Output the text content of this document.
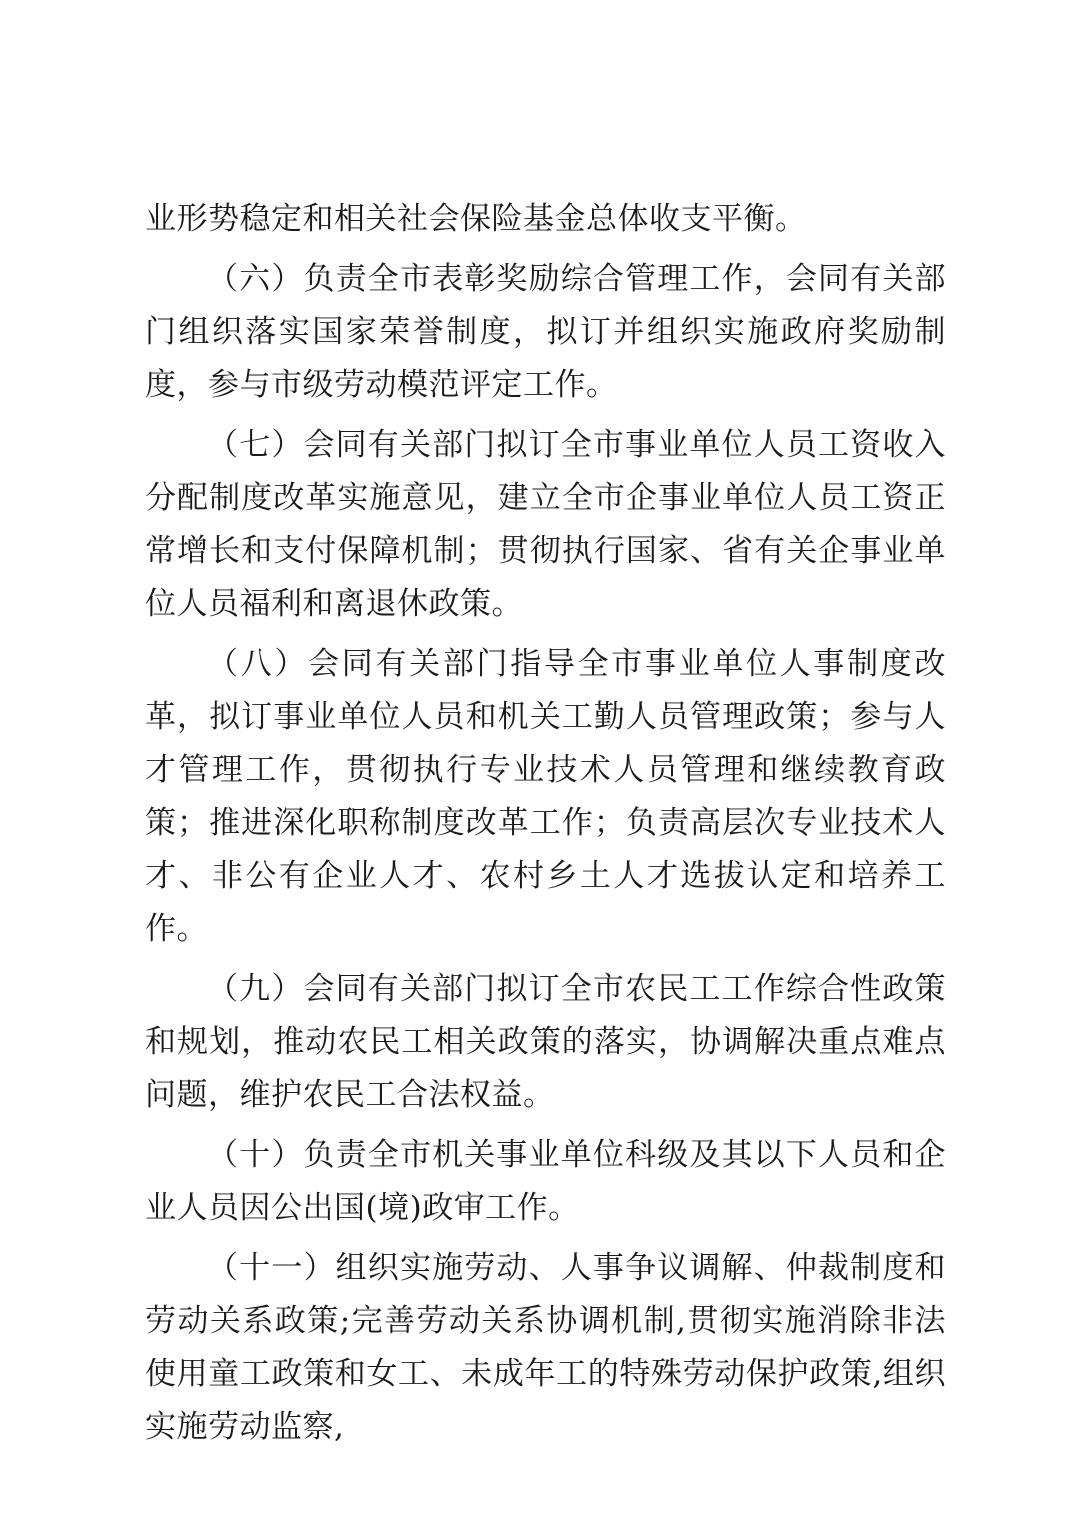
业形势稳定和相关社会保险基金总体收支平衡。

（六）负责全市表彰奖励综合管理工作，会同有关部门组织落实国家荣誉制度，拟订并组织实施政府奖励制度，参与市级劳动模范评定工作。

（七）会同有关部门拟订全市事业单位人员工资收入分配制度改革实施意见，建立全市企事业单位人员工资正常增长和支付保障机制；贯彻执行国家、省有关企事业单位人员福利和离退休政策。

（八）会同有关部门指导全市事业单位人事制度改革，拟订事业单位人员和机关工勤人员管理政策；参与人才管理工作，贯彻执行专业技术人员管理和继续教育政策；推进深化职称制度改革工作；负责高层次专业技术人才、非公有企业人才、农村乡土人才选拔认定和培养工作。

（九）会同有关部门拟订全市农民工工作综合性政策和规划，推动农民工相关政策的落实，协调解决重点难点问题，维护农民工合法权益。

（十）负责全市机关事业单位科级及其以下人员和企业人员因公出国(境)政审工作。

（十一）组织实施劳动、人事争议调解、仲裁制度和劳动关系政策;完善劳动关系协调机制,贯彻实施消除非法使用童工政策和女工、未成年工的特殊劳动保护政策,组织实施劳动监察,
